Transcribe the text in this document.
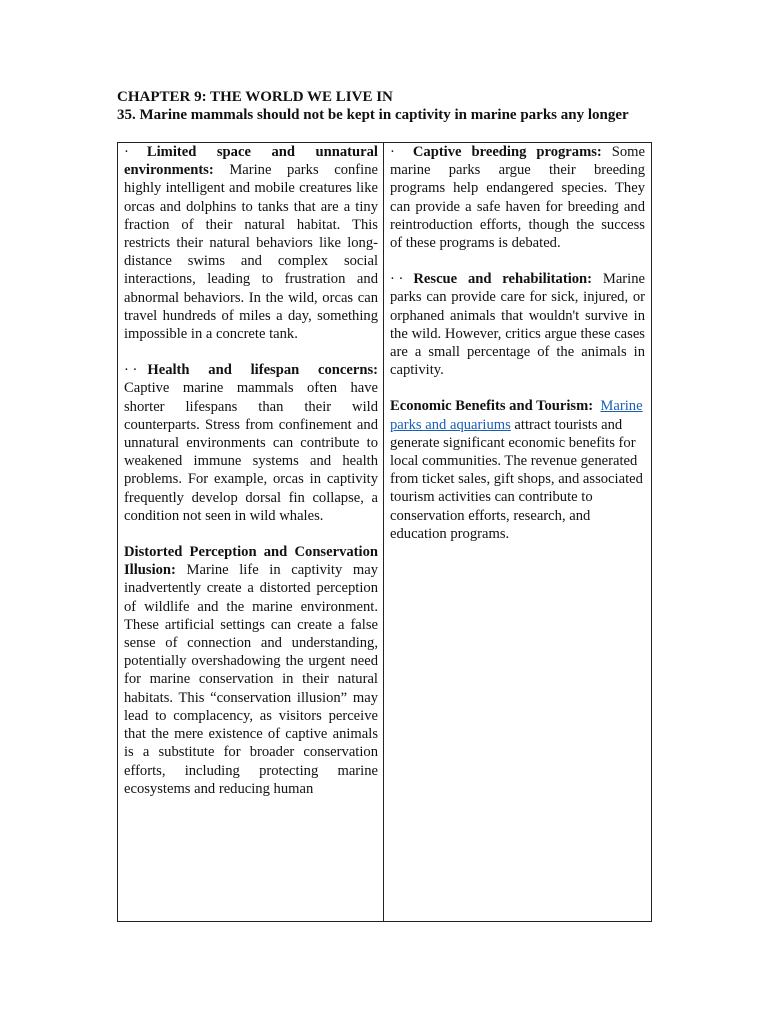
CHAPTER 9: THE WORLD WE LIVE IN
35. Marine mammals should not be kept in captivity in marine parks any longer

· Limited space and unnatural environments: Marine parks confine highly intelligent and mobile creatures like orcas and dolphins to tanks that are a tiny fraction of their natural habitat. This restricts their natural behaviors like long-distance swims and complex social interactions, leading to frustration and abnormal behaviors. In the wild, orcas can travel hundreds of miles a day, something impossible in a concrete tank.

· · Health and lifespan concerns: Captive marine mammals often have shorter lifespans than their wild counterparts. Stress from confinement and unnatural environments can contribute to weakened immune systems and health problems. For example, orcas in captivity frequently develop dorsal fin collapse, a condition not seen in wild whales.

Distorted Perception and Conservation Illusion: Marine life in captivity may inadvertently create a distorted perception of wildlife and the marine environment. These artificial settings can create a false sense of connection and understanding, potentially overshadowing the urgent need for marine conservation in their natural habitats. This “conservation illusion” may lead to complacency, as visitors perceive that the mere existence of captive animals is a substitute for broader conservation efforts, including protecting marine ecosystems and reducing human

· Captive breeding programs: Some marine parks argue their breeding programs help endangered species. They can provide a safe haven for breeding and reintroduction efforts, though the success of these programs is debated.

· · Rescue and rehabilitation: Marine parks can provide care for sick, injured, or orphaned animals that wouldn't survive in the wild. However, critics argue these cases are a small percentage of the animals in captivity.

Economic Benefits and Tourism: Marine parks and aquariums attract tourists and generate significant economic benefits for local communities. The revenue generated from ticket sales, gift shops, and associated tourism activities can contribute to conservation efforts, research, and education programs.
